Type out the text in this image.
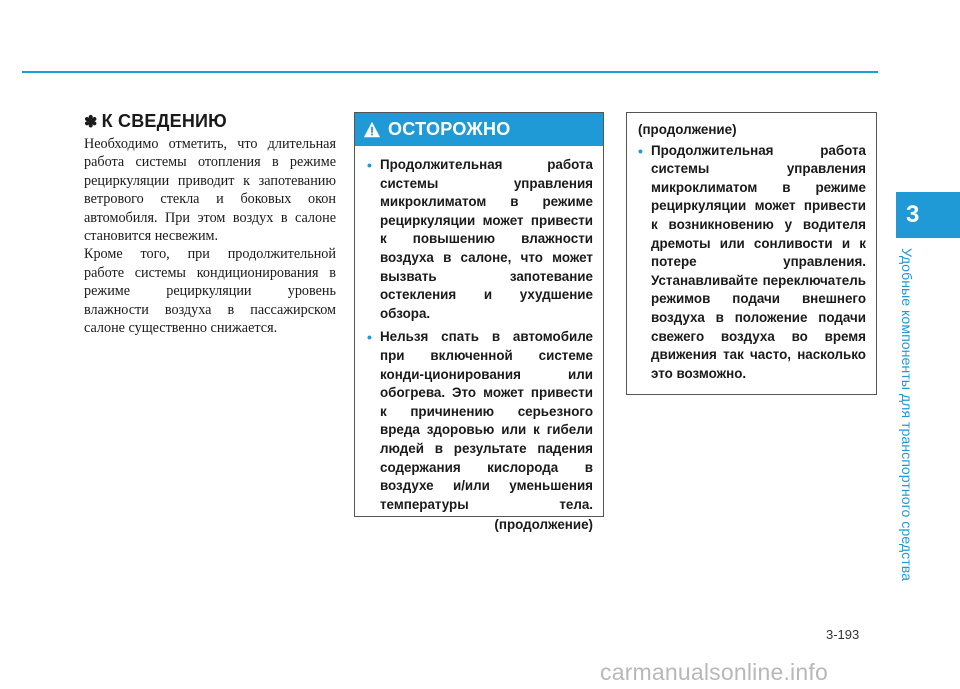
✽ К СВЕДЕНИЮ

Необходимо отметить, что длительная работа системы отопления в режиме рециркуляции приводит к запотеванию ветрового стекла и боковых окон автомобиля. При этом воздух в салоне становится несвежим.

Кроме того, при продолжительной работе системы кондиционирования в режиме рециркуляции уровень влажности воздуха в пассажирском салоне существенно снижается.

ОСТОРОЖНО
• Продолжительная работа системы управления микроклиматом в режиме рециркуляции может привести к повышению влажности воздуха в салоне, что может вызвать запотевание остекления и ухудшение обзора.
• Нельзя спать в автомобиле при включенной системе конди-ционирования или обогрева. Это может привести к причинению серьезного вреда здоровью или к гибели людей в результате падения содержания кислорода в воздухе и/или уменьшения температуры тела.
(продолжение)

(продолжение)

• Продолжительная работа системы управления микроклиматом в режиме рециркуляции может привести к возникновению у водителя дремоты или сонливости и к потере управления. Устанавливайте переключатель режимов подачи внешнего воздуха в положение подачи свежего воздуха во время движения так часто, насколько это возможно.
3
Удобные компоненты для транспортного средства
3-193
carmanualsonline.info
